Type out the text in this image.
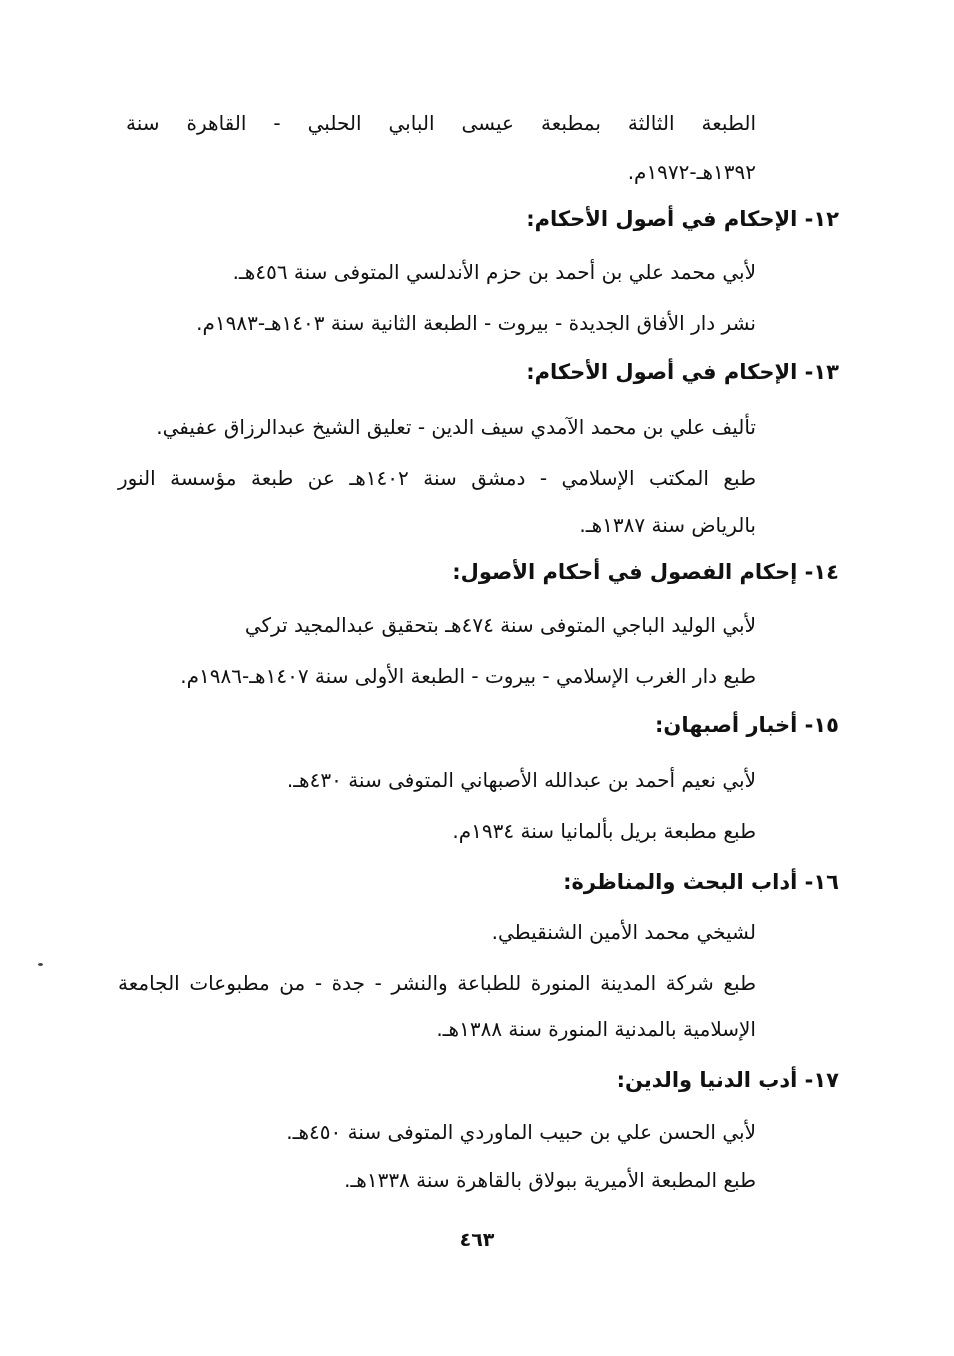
الطبعة الثالثة بمطبعة عيسى البابي الحلبي - القاهرة سنة
١٣٩٢هـ-١٩٧٢م.
١٢- الإحكام في أصول الأحكام:
لأبي محمد علي بن أحمد بن حزم الأندلسي المتوفى سنة ٤٥٦هـ.
نشر دار الأفاق الجديدة - بيروت - الطبعة الثانية سنة ١٤٠٣هـ-١٩٨٣م.
١٣- الإحكام في أصول الأحكام:
تأليف علي بن محمد الآمدي سيف الدين - تعليق الشيخ عبدالرزاق عفيفي.
طبع المكتب الإسلامي - دمشق سنة ١٤٠٢هـ عن طبعة مؤسسة النور
بالرياض سنة ١٣٨٧هـ.
١٤- إحكام الفصول في أحكام الأصول:
لأبي الوليد الباجي المتوفى سنة ٤٧٤هـ بتحقيق عبدالمجيد تركي
طبع دار الغرب الإسلامي - بيروت - الطبعة الأولى سنة ١٤٠٧هـ-١٩٨٦م.
١٥- أخبار أصبهان:
لأبي نعيم أحمد بن عبدالله الأصبهاني المتوفى سنة ٤٣٠هـ.
طبع مطبعة بريل بألمانيا سنة ١٩٣٤م.
١٦- أداب البحث والمناظرة:
لشيخي محمد الأمين الشنقيطي.
طبع شركة المدينة المنورة للطباعة والنشر - جدة - من مطبوعات الجامعة
الإسلامية بالمدنية المنورة سنة ١٣٨٨هـ.
١٧- أدب الدنيا والدين:
لأبي الحسن علي بن حبيب الماوردي المتوفى سنة ٤٥٠هـ.
طبع المطبعة الأميرية ببولاق بالقاهرة سنة ١٣٣٨هـ.
٤٦٣
